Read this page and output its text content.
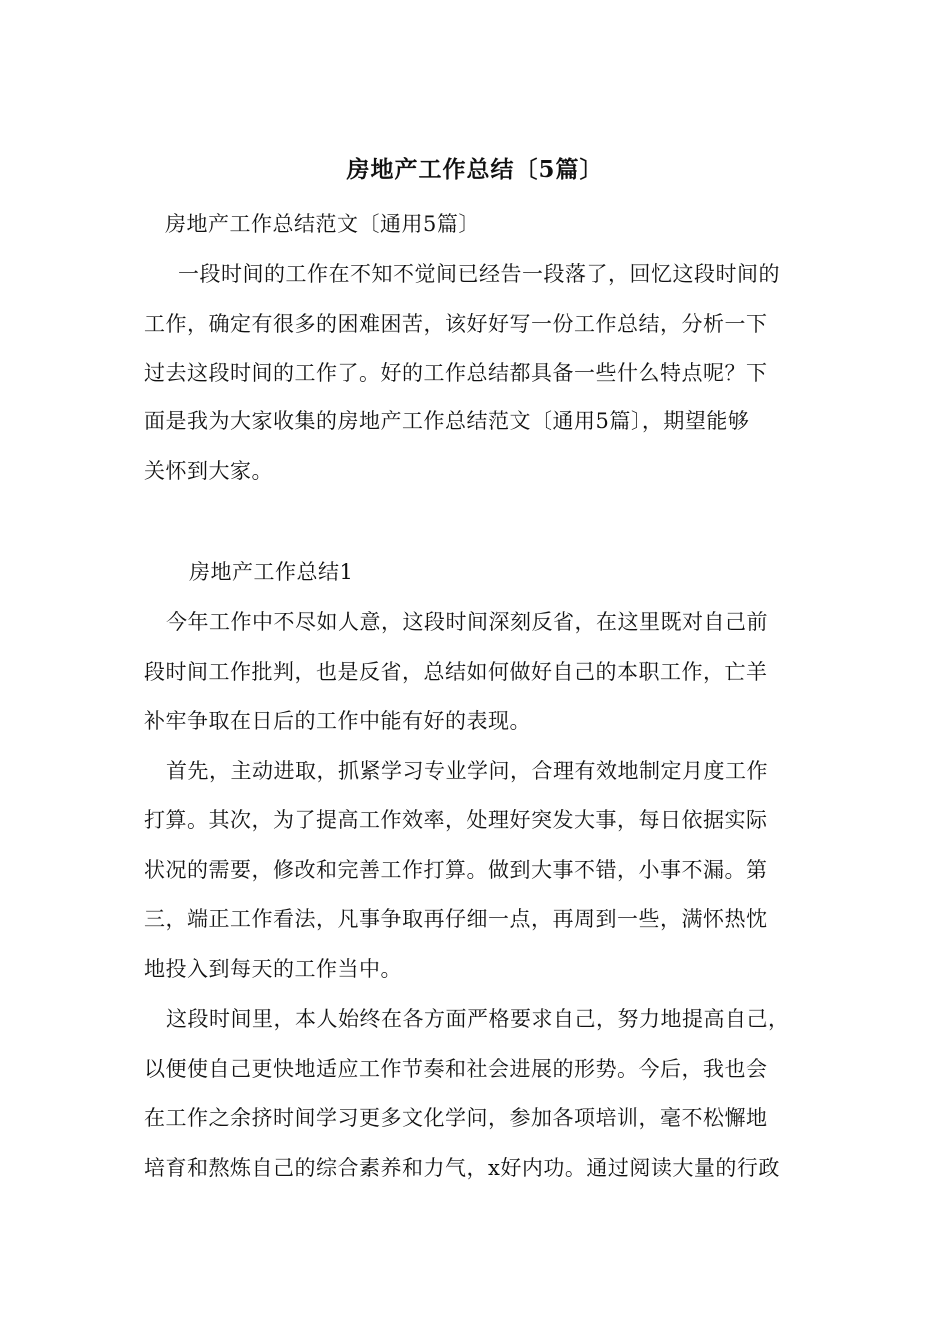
房地产工作总结〔5篇〕
房地产工作总结范文〔通用5篇〕
一段时间的工作在不知不觉间已经告一段落了，回忆这段时间的
工作，确定有很多的困难困苦，该好好写一份工作总结，分析一下
过去这段时间的工作了。好的工作总结都具备一些什么特点呢？下
面是我为大家收集的房地产工作总结范文〔通用5篇〕，期望能够
关怀到大家。
房地产工作总结1
今年工作中不尽如人意，这段时间深刻反省，在这里既对自己前
段时间工作批判，也是反省，总结如何做好自己的本职工作，亡羊
补牢争取在日后的工作中能有好的表现。
首先，主动进取，抓紧学习专业学问，合理有效地制定月度工作
打算。其次，为了提高工作效率，处理好突发大事，每日依据实际
状况的需要，修改和完善工作打算。做到大事不错，小事不漏。第
三，端正工作看法，凡事争取再仔细一点，再周到一些，满怀热忱
地投入到每天的工作当中。
这段时间里，本人始终在各方面严格要求自己，努力地提高自己，
以便使自己更快地适应工作节奏和社会进展的形势。今后，我也会
在工作之余挤时间学习更多文化学问，参加各项培训，毫不松懈地
培育和熬炼自己的综合素养和力气，x好内功。通过阅读大量的行政
